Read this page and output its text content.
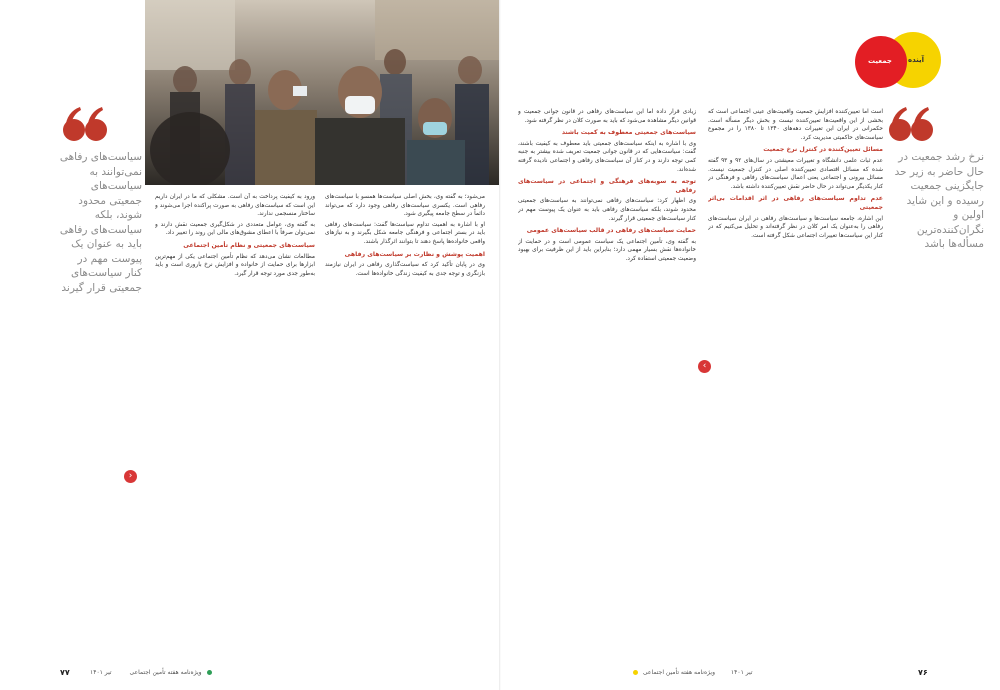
سیاست‌های رفاهی نمی‌توانند به سیاست‌های جمعیتی محدود شوند، بلکه سیاست‌های رفاهی باید به عنوان یک پیوست مهم در کنار سیاست‌های جمعیتی قرار گیرند

می‌شود؛ به گفته وی، بخش اصلی سیاست‌ها همسو با سیاست‌های رفاهی است. یکسری سیاست‌های رفاهی وجود دارد که می‌تواند دائماً در سطح جامعه پیگیری شود.

او با اشاره به اهمیت تداوم سیاست‌ها گفت: سیاست‌های رفاهی باید در بستر اجتماعی و فرهنگی جامعه شکل بگیرند و به نیازهای واقعی خانواده‌ها پاسخ دهند تا بتوانند اثرگذار باشند.

اهمیت پوشش و نظارت بر سیاست‌های رفاهی

وی در پایان تأکید کرد که سیاست‌گذاری رفاهی در ایران نیازمند بازنگری و توجه جدی به کیفیت زندگی خانواده‌ها است.

ورود به کیفیت پرداخت به آن است. مشکلی که ما در ایران داریم این است که سیاست‌های رفاهی به صورت پراکنده اجرا می‌شوند و ساختار منسجمی ندارند.

به گفته وی، عوامل متعددی در شکل‌گیری جمعیت نقش دارند و نمی‌توان صرفاً با اعطای مشوق‌های مالی این روند را تغییر داد.

سیاست‌های جمعیتی و نظام تأمین اجتماعی

مطالعات نشان می‌دهد که نظام تأمین اجتماعی یکی از مهم‌ترین ابزارها برای حمایت از خانواده و افزایش نرخ باروری است و باید به‌طور جدی مورد توجه قرار گیرد.

›
۷۷	ویژه‌نامه هفته تأمین اجتماعی تیر ۱۴۰۱

زیادی قرار داده اما این سیاست‌های رفاهی در قانون جوانی جمعیت و قوانین دیگر مشاهده می‌شود که باید به صورت کلان در نظر گرفته شود.

سیاست‌های جمعیتی معطوف به کمیت باشند

وی با اشاره به اینکه سیاست‌های جمعیتی باید معطوف به کیفیت باشند، گفت: سیاست‌هایی که در قانون جوانی جمعیت تعریف شده بیشتر به جنبه کمی توجه دارند و در کنار آن سیاست‌های رفاهی و اجتماعی نادیده گرفته شده‌اند.

توجه به سوبه‌های فرهنگی و اجتماعی در سیاست‌های رفاهی

وی اظهار کرد: سیاست‌های رفاهی نمی‌توانند به سیاست‌های جمعیتی محدود شوند، بلکه سیاست‌های رفاهی باید به عنوان یک پیوست مهم در کنار سیاست‌های جمعیتی قرار گیرند.

حمایت سیاست‌های رفاهی در قالب سیاست‌های عمومی

به گفته وی، تأمین اجتماعی یک سیاست عمومی است و در حمایت از خانواده‌ها نقش بسیار مهمی دارد؛ بنابراین باید از این ظرفیت برای بهبود وضعیت جمعیتی استفاده کرد.

است اما تعیین‌کننده افزایش جمعیت واقعیت‌های عینی اجتماعی است که بخشی از این واقعیت‌ها تعیین‌کننده نیست و بخش دیگر مسأله است. حکمرانی در ایران این تغییرات دهه‌های ۱۳۴۰ تا ۱۳۸۰ را در مجموع سیاست‌های حاکمیتی مدیریت کرد.

مسائل تعیین‌کننده در کنترل نرخ جمعیت

عدم ثبات علمی دانشگاه و تغییرات معیشتی در سال‌های ۹۲ و ۹۳ گفته شده که مسائل اقتصادی تعیین‌کننده اصلی در کنترل جمعیت نیست. مسائل بیرونی و اجتماعی یعنی اعمال سیاست‌های رفاهی و فرهنگی در کنار یکدیگر می‌تواند در حال حاضر نقش تعیین‌کننده داشته باشد.

عدم تداوم سیاست‌های رفاهی در اثر اقدامات بی‌اثر جمعیتی

این اشاره، جامعه سیاست‌ها و سیاست‌های رفاهی در ایران سیاست‌های رفاهی را به‌عنوان یک امر کلان در نظر گرفته‌اند و تحلیل می‌کنیم که در کنار این سیاست‌ها تغییرات اجتماعی شکل گرفته است.

‹
نرخ رشد جمعیت در حال حاضر به زیر حد جایگزینی جمعیت رسیده و این شاید اولین و نگران‌کننده‌ترین مسأله‌ها باشد
تیر ۱۴۰۱ ویژه‌نامه هفته تأمین اجتماعی	۷۶
جمعیت آینده
